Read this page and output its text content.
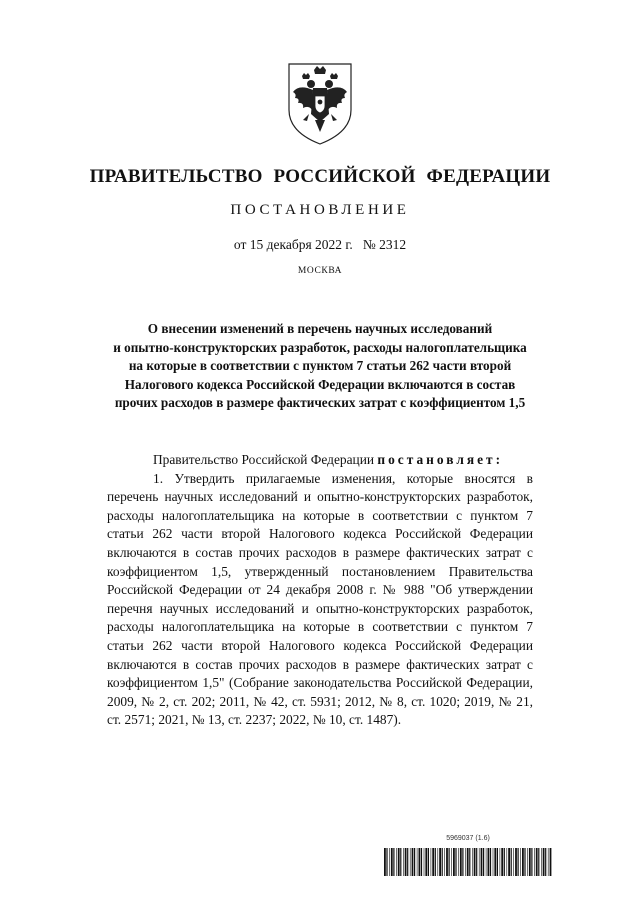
ПРАВИТЕЛЬСТВО РОССИЙСКОЙ ФЕДЕРАЦИИ
ПОСТАНОВЛЕНИЕ
от 15 декабря 2022 г. № 2312
МОСКВА
О внесении изменений в перечень научных исследований
и опытно-конструкторских разработок, расходы налогоплательщика
на которые в соответствии с пунктом 7 статьи 262 части второй
Налогового кодекса Российской Федерации включаются в состав
прочих расходов в размере фактических затрат с коэффициентом 1,5

Правительство Российской Федерации постановляет:

1. Утвердить прилагаемые изменения, которые вносятся в перечень научных исследований и опытно-конструкторских разработок, расходы налогоплательщика на которые в соответствии с пунктом 7 статьи 262 части второй Налогового кодекса Российской Федерации включаются в состав прочих расходов в размере фактических затрат с коэффициентом 1,5, утвержденный постановлением Правительства Российской Федерации от 24 декабря 2008 г. № 988 "Об утверждении перечня научных исследований и опытно-конструкторских разработок, расходы налогоплательщика на которые в соответствии с пунктом 7 статьи 262 части второй Налогового кодекса Российской Федерации включаются в состав прочих расходов в размере фактических затрат с коэффициентом 1,5" (Собрание законодательства Российской Федерации, 2009, № 2, ст. 202; 2011, № 42, ст. 5931; 2012, № 8, ст. 1020; 2019, № 21, ст. 2571; 2021, № 13, ст. 2237; 2022, № 10, ст. 1487).

5969037 (1.6)
